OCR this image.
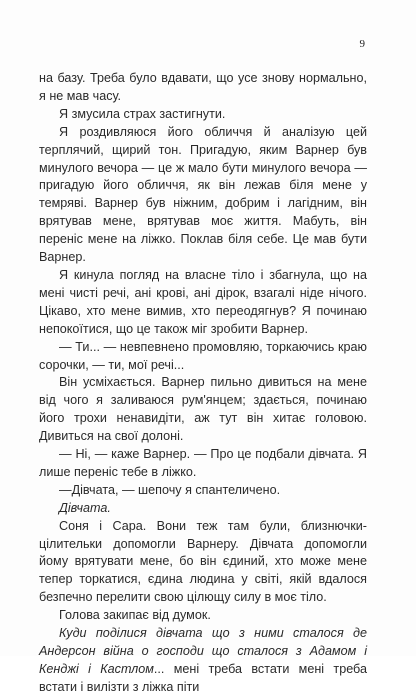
9

на базу. Треба було вдавати, що усе знову нормально, я не мав часу.

Я змусила страх застигнути.

Я роздивляюся його обличчя й аналізую цей терплячий, щирий тон. Пригадую, яким Варнер був минулого вечора — це ж мало бути минулого вечора — пригадую його обличчя, як він лежав біля мене у темряві. Варнер був ніжним, добрим і лагідним, він врятував мене, врятував моє життя. Мабуть, він переніс мене на ліжко. Поклав біля себе. Це мав бути Варнер.

Я кинула погляд на власне тіло і збагнула, що на мені чисті речі, ані крові, ані дірок, взагалі ніде нічого. Цікаво, хто мене вимив, хто переодягнув? Я починаю непокоїтися, що це також міг зробити Варнер.

— Ти... — невпевнено промовляю, торкаючись краю сорочки, — ти, мої речі...

Він усміхається. Варнер пильно дивиться на мене від чого я заливаюся рум'янцем; здається, починаю його трохи ненавидіти, аж тут він хитає головою. Дивиться на свої долоні.

— Ні, — каже Варнер. — Про це подбали дівчата. Я лише переніс тебе в ліжко.

—Дівчата, — шепочу я спантеличено.

Дівчата.

Соня і Сара. Вони теж там були, близнючки-цілительки допомогли Варнеру. Дівчата допомогли йому врятувати мене, бо він єдиний, хто може мене тепер торкатися, єдина людина у світі, якій вдалося безпечно перелити свою цілющу силу в моє тіло.

Голова закипає від думок.

Куди поділися дівчата що з ними сталося де Андерсон війна о господи що сталося з Адамом і Кенджі і Кастлом... мені треба встати мені треба встати і вилізти з ліжка піти
